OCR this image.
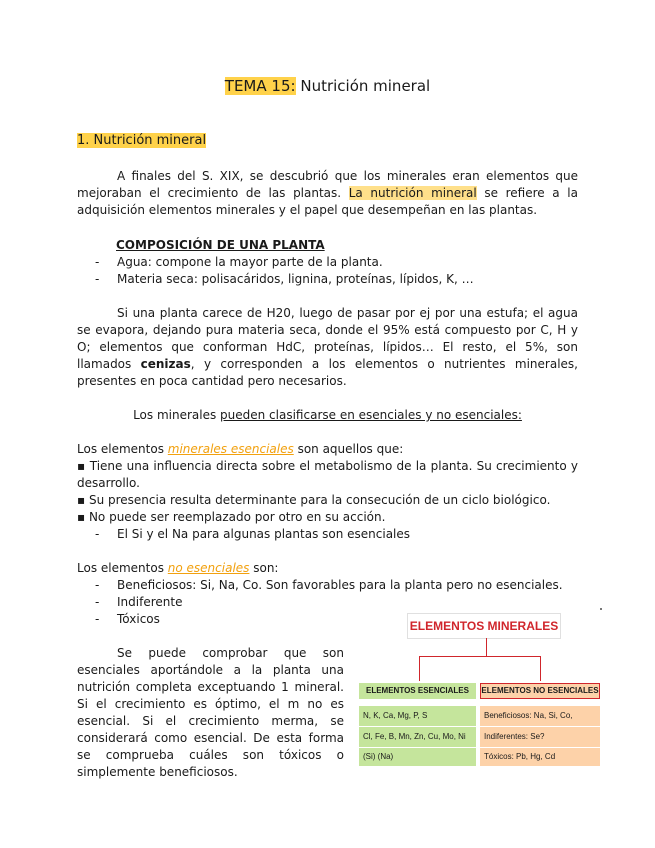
TEMA 15: Nutrición mineral
1. Nutrición mineral
A finales del S. XIX, se descubrió que los minerales eran elementos que mejoraban el crecimiento de las plantas. La nutrición mineral se refiere a la adquisición elementos minerales y el papel que desempeñan en las plantas.
COMPOSICIÓN DE UNA PLANTA
- Agua: compone la mayor parte de la planta.
- Materia seca: polisacáridos, lignina, proteínas, lípidos, K, …
Si una planta carece de H20, luego de pasar por ej por una estufa; el agua se evapora, dejando pura materia seca, donde el 95% está compuesto por C, H y O; elementos que conforman HdC, proteínas, lípidos… El resto, el 5%, son llamados cenizas, y corresponden a los elementos o nutrientes minerales, presentes en poca cantidad pero necesarios.
Los minerales pueden clasificarse en esenciales y no esenciales:
Los elementos minerales esenciales son aquellos que:
▪ Tiene una influencia directa sobre el metabolismo de la planta. Su crecimiento y desarrollo.
▪ Su presencia resulta determinante para la consecución de un ciclo biológico.
▪ No puede ser reemplazado por otro en su acción.
- El Si y el Na para algunas plantas son esenciales
Los elementos no esenciales son:
- Beneficiosos: Si, Na, Co. Son favorables para la planta pero no esenciales.
- Indiferente
- Tóxicos
Se puede comprobar que son esenciales aportándole a la planta una nutrición completa exceptuando 1 mineral. Si el crecimiento es óptimo, el m no es esencial. Si el crecimiento merma, se considerará como esencial. De esta forma se comprueba cuáles son tóxicos o simplemente beneficiosos.
ELEMENTOS MINERALES
ELEMENTOS ESENCIALES	ELEMENTOS NO ESENCIALES
N, K, Ca, Mg, P, S
Cl, Fe, B, Mn, Zn, Cu, Mo, Ni
(Si) (Na)
Beneficiosos: Na, Si, Co,
Indiferentes: Se?
Tóxicos: Pb, Hg, Cd
